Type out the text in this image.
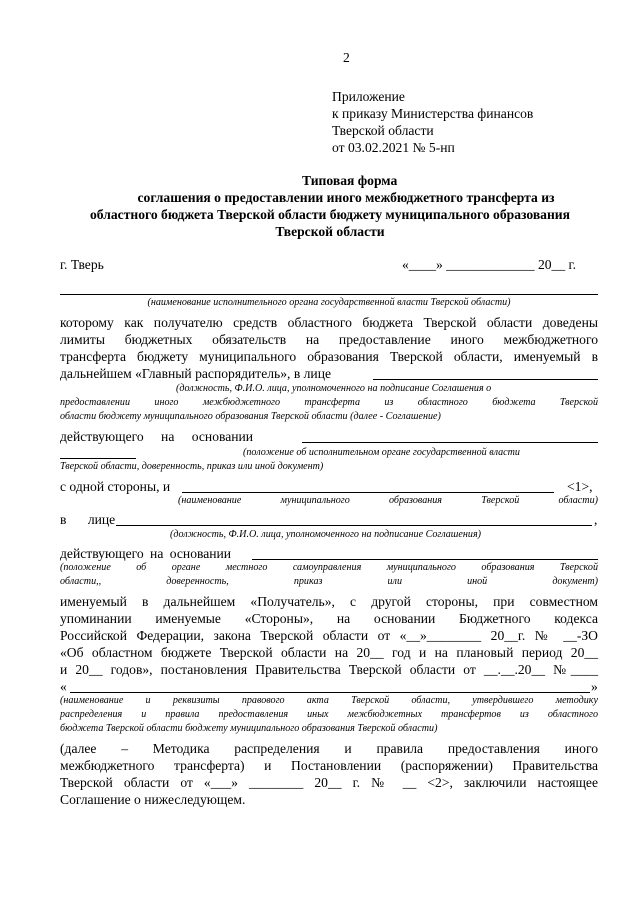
2
Приложение
к приказу Министерства финансов
Тверской области
от 03.02.2021 № 5-нп
Типовая форма
соглашения о предоставлении иного межбюджетного трансферта из
областного бюджета Тверской области бюджету муниципального образования
Тверской области
г. Тверь	«____» _____________ 20__ г.
(наименование исполнительного органа государственной власти Тверской области)
которому как получателю средств областного бюджета Тверской области доведены
лимиты бюджетных обязательств на предоставление иного межбюджетного
трансферта бюджету муниципального образования Тверской области, именуемый в
дальнейшем «Главный распорядитель», в лице
(должность, Ф.И.О. лица, уполномоченного на подписание Соглашения о
предоставлении иного межбюджетного трансферта из областного бюджета Тверской
области бюджету муниципального образования Тверской области (далее - Соглашение)
действующего на основании
(положение об исполнительном органе государственной власти
Тверской области, доверенность, приказ или иной документ)
с одной стороны, и	<1>,
(наименование муниципального образования Тверской области)
в лице	,
(должность, Ф.И.О. лица, уполномоченного на подписание Соглашения)
действующего на основании
(положение об органе местного самоуправления муниципального образования Тверской
области,, доверенность, приказ или иной документ)
именуемый в дальнейшем «Получатель», с другой стороны, при совместном
упоминании именуемые «Стороны», на основании Бюджетного кодекса
Российской Федерации, закона Тверской области от «__»________ 20__г. № __-ЗО
«Об областном бюджете Тверской области на 20__ год и на плановый период 20__
и 20__ годов», постановления Правительства Тверской области от __.__.20__ №____
«	»
(наименование и реквизиты правового акта Тверской области, утвердившего методику
распределения и правила предоставления иных межбюджетных трансфертов из областного
бюджета Тверской области бюджету муниципального образования Тверской области)
(далее – Методика распределения и правила предоставления иного
межбюджетного трансферта) и Постановлении (распоряжении) Правительства
Тверской области от «___» ________ 20__ г. № __ <2>, заключили настоящее
Соглашение о нижеследующем.
